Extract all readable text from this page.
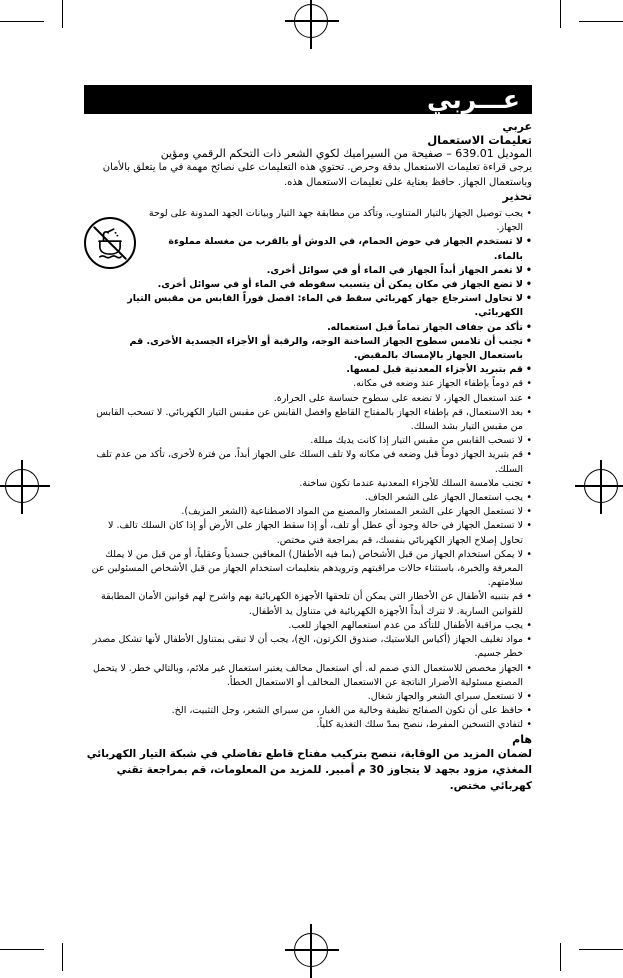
عـــربي

عربي

تعليمات الاستعمال

الموديل 639.01 – صفيحة من السيراميك لكوي الشعر ذات التحكم الرقمي ومؤين

يرجى قراءة تعليمات الاستعمال بدقة وحرص. تحتوي هذه التعليمات على نصائح مهمة في ما يتعلق بالأمان وباستعمال الجهاز. حافظ بعناية على تعليمات الاستعمال هذه.

تحذير

• يجب توصيل الجهاز بالتيار المتناوب، وتأكد من مطابقة جهد التيار وبيانات الجهد المدونة على لوحة الجهاز.
• لا تستخدم الجهاز في حوض الحمام، في الدوش أو بالقرب من مغسلة مملوءة بالماء.
• لا تغمر الجهاز أبداً الجهاز في الماء أو في سوائل أخرى.
• لا تضع الجهاز في مكان يمكن أن يتسبب سقوطه في الماء أو في سوائل أخرى.
• لا تحاول استرجاع جهاز كهربائي سقط في الماء: افصل فوراً القابس من مقبس التيار الكهربائي.
• تأكد من جفاف الجهاز تماماً قبل استعماله.
• تجنب أن تلامس سطوح الجهاز الساخنة الوجه، والرقبة أو الأجزاء الجسدية الأخرى. قم باستعمال الجهاز بالإمساك بالمقبض.
• قم بتبريد الأجزاء المعدنية قبل لمسها.
• قم دوماً بإطفاء الجهاز عند وضعه في مكانه.
• عند استعمال الجهاز، لا تضعه على سطوح حساسة على الحرارة.
• بعد الاستعمال، قم بإطفاء الجهاز بالمفتاح القاطع وافصل القابس عن مقبس التيار الكهربائي. لا تسحب القابس من مقبس التيار بشد السلك.
• لا تسحب القابس من مقبس التيار إذا كانت يديك مبللة.
• قم بتبريد الجهاز دوماً قبل وضعه في مكانه ولا تلف السلك على الجهاز أبداً. من فترة لأخرى، تأكد من عدم تلف السلك.
• تجنب ملامسة السلك للأجزاء المعدنية عندما تكون ساخنة.
• يجب استعمال الجهاز على الشعر الجاف.
• لا تستعمل الجهاز على الشعر المستعار والمصنع من المواد الاصطناعية (الشعر المزيف).
• لا تستعمل الجهاز في حالة وجود أي عطل أو تلف، أو إذا سقط الجهاز على الأرض أو إذا كان السلك تالف. لا تحاول إصلاح الجهاز الكهربائي بنفسك، قم بمراجعة فني مختص.
• لا يمكن استخدام الجهاز من قبل الأشخاص (بما فيه الأطفال) المعاقين جسدياً وعقلياً، أو من قبل من لا يملك المعرفة والخبرة، باستثناء حالات مراقبتهم وترويدهم بتعليمات استخدام الجهاز من قبل الأشخاص المسئولين عن سلامتهم.
• قم بتنبيه الأطفال عن الأخطار التي يمكن أن تلحقها الأجهزة الكهربائية بهم واشرح لهم قوانين الأمان المطابقة للقوانين السارية. لا تترك أبداً الأجهزة الكهربائية في متناول يد الأطفال.
• يجب مراقبة الأطفال للتأكد من عدم استعمالهم الجهاز للعب.
• مواد تغليف الجهاز (أكياس البلاستيك، صندوق الكرتون، الخ)، يجب أن لا تبقى بمتناول الأطفال لأنها تشكل مصدر خطر جسيم.
• الجهاز مخصص للاستعمال الذي صمم له. أي استعمال مخالف يعتبر استعمال غير ملائم، وبالتالي خطر. لا يتحمل المصنع مسئولية الأضرار الناتجة عن الاستعمال المخالف أو الاستعمال الخطأ.
• لا تستعمل سبراي الشعر والجهاز شغال.
• حافظ على أن تكون الصفائح نظيفة وخالية من الغبار، من سبراي الشعر، وجل التثبيت، الخ.
• لتفادي التسخين المفرط، ننصح بمدّ سلك التغذية كلياً.

هام

لضمان المزيد من الوقاية، ننصح بتركيب مفتاح قاطع تفاضلي في شبكة التيار الكهربائي المغذي، مزود بجهد لا يتجاوز 30 م أمبير. للمزيد من المعلومات، قم بمراجعة تقني كهربائي مختص.
